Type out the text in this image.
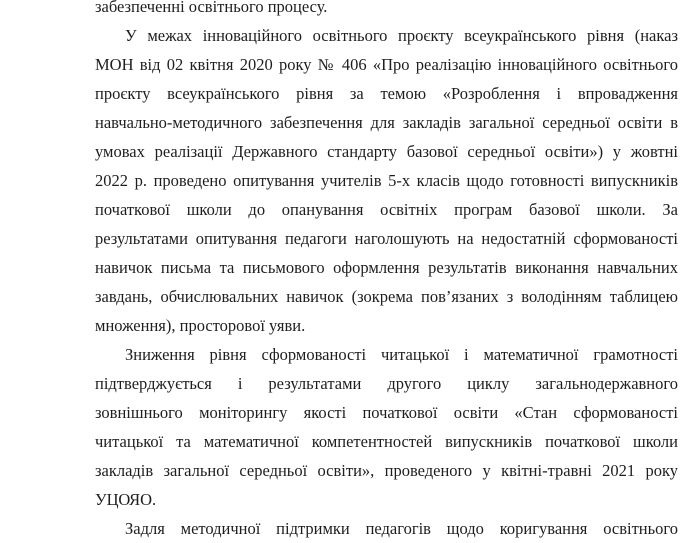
забезпеченні освітнього процесу.
У межах інноваційного освітнього проєкту всеукраїнського рівня (наказ
МОН від 02 квітня 2020 року № 406 «Про реалізацію інноваційного освітнього
проєкту всеукраїнського рівня за темою «Розроблення і впровадження
навчально-методичного забезпечення для закладів загальної середньої освіти в
умовах реалізації Державного стандарту базової середньої освіти») у жовтні
2022 р. проведено опитування учителів 5-х класів щодо готовності випускників
початкової школи до опанування освітніх програм базової школи. За
результатами опитування педагоги наголошують на недостатній сформованості
навичок письма та письмового оформлення результатів виконання навчальних
завдань, обчислювальних навичок (зокрема пов’язаних з володінням таблицею
множення), просторової уяви.
Зниження рівня сформованості читацької і математичної грамотності
підтверджується і результатами другого циклу загальнодержавного
зовнішнього моніторингу якості початкової освіти «Стан сформованості
читацької та математичної компетентностей випускників початкової школи
закладів загальної середньої освіти», проведеного у квітні-травні 2021 року
УЦОЯО.
Задля методичної підтримки педагогів щодо коригування освітнього
